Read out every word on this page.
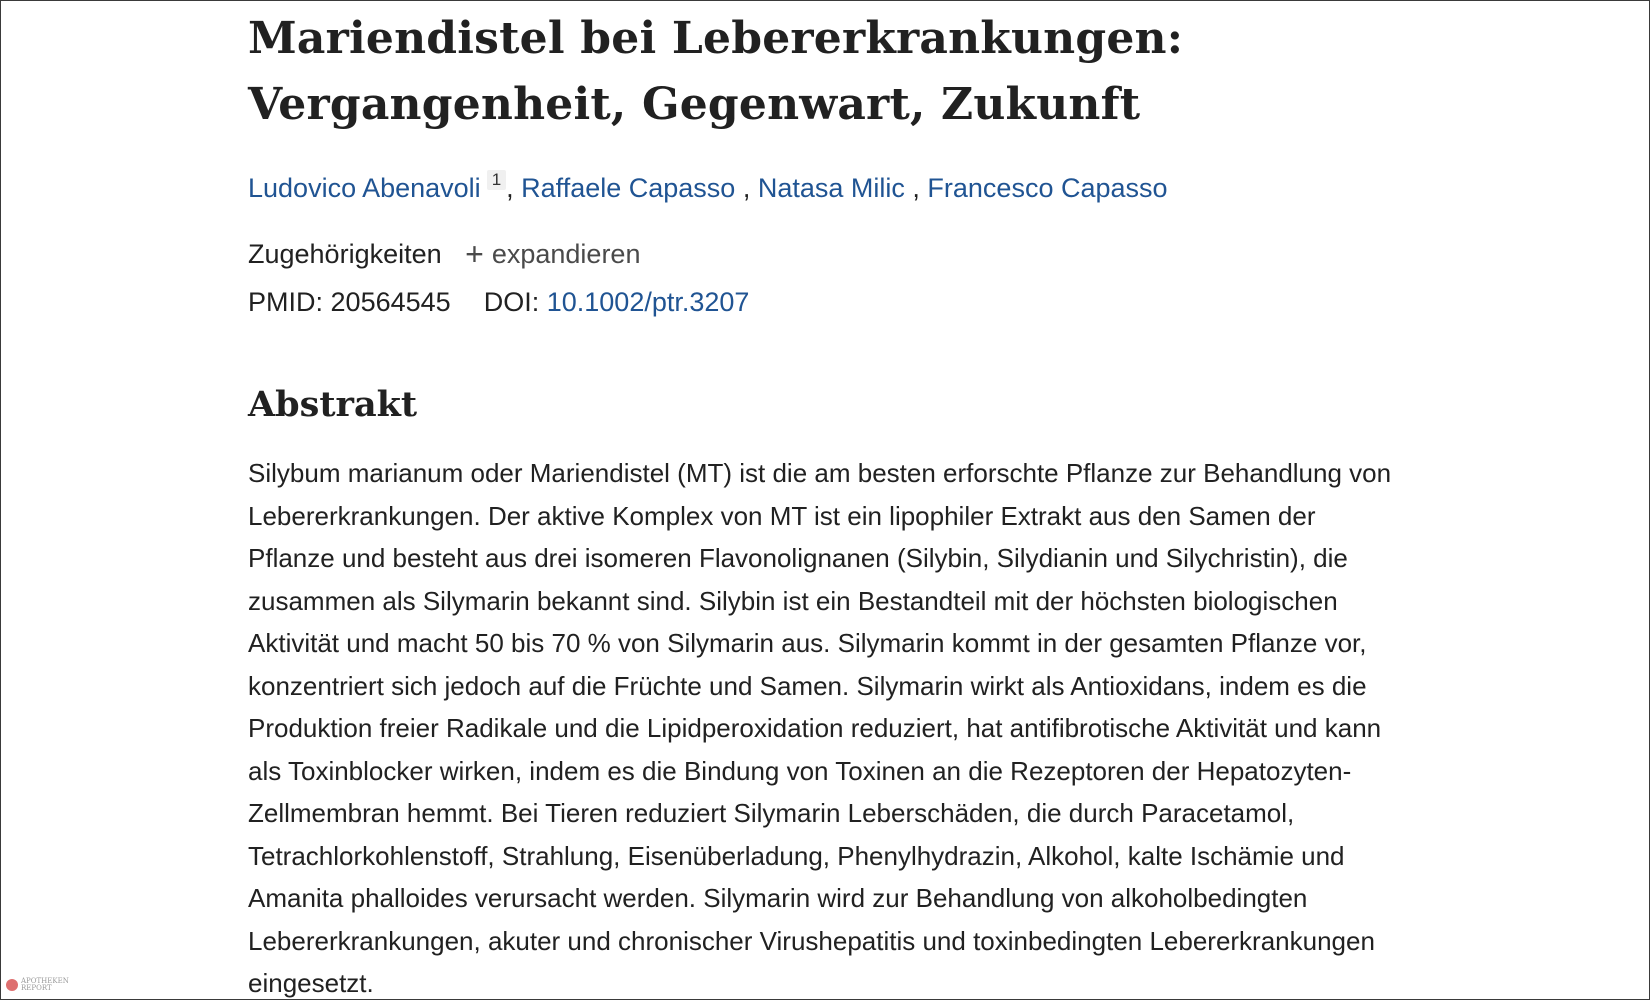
Mariendistel bei Lebererkrankungen: Vergangenheit, Gegenwart, Zukunft
Ludovico Abenavoli 1 , Raffaele Capasso , Natasa Milic , Francesco Capasso
Zugehörigkeiten + expandieren
PMID: 20564545 DOI: 10.1002/ptr.3207
Abstrakt

Silybum marianum oder Mariendistel (MT) ist die am besten erforschte Pflanze zur Behandlung von
Lebererkrankungen. Der aktive Komplex von MT ist ein lipophiler Extrakt aus den Samen der
Pflanze und besteht aus drei isomeren Flavonolignanen (Silybin, Silydianin und Silychristin), die
zusammen als Silymarin bekannt sind. Silybin ist ein Bestandteil mit der höchsten biologischen
Aktivität und macht 50 bis 70 % von Silymarin aus. Silymarin kommt in der gesamten Pflanze vor,
konzentriert sich jedoch auf die Früchte und Samen. Silymarin wirkt als Antioxidans, indem es die
Produktion freier Radikale und die Lipidperoxidation reduziert, hat antifibrotische Aktivität und kann
als Toxinblocker wirken, indem es die Bindung von Toxinen an die Rezeptoren der Hepatozyten-
Zellmembran hemmt. Bei Tieren reduziert Silymarin Leberschäden, die durch Paracetamol,
Tetrachlorkohlenstoff, Strahlung, Eisenüberladung, Phenylhydrazin, Alkohol, kalte Ischämie und
Amanita phalloides verursacht werden. Silymarin wird zur Behandlung von alkoholbedingten
Lebererkrankungen, akuter und chronischer Virushepatitis und toxinbedingten Lebererkrankungen
eingesetzt.

APOTHEKEN
REPORT
